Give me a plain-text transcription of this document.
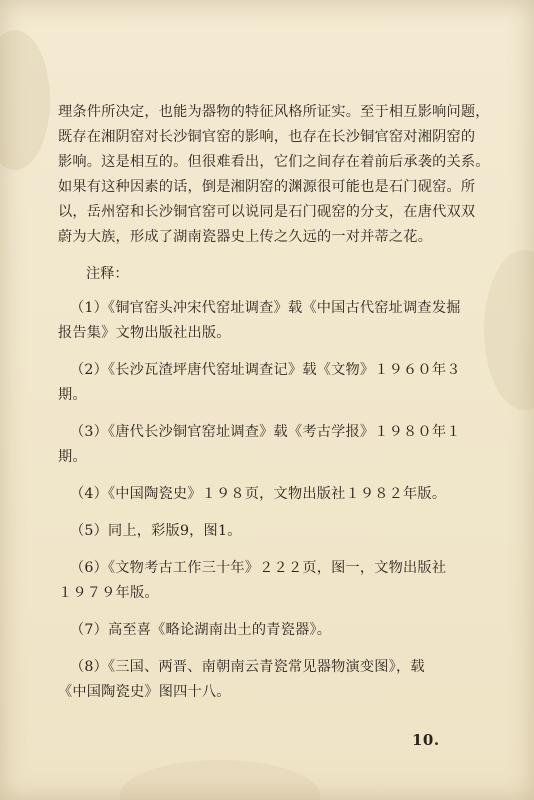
理条件所决定，也能为器物的特征风格所证实。至于相互影响问题，
既存在湘阴窑对长沙铜官窑的影响，也存在长沙铜官窑对湘阴窑的
影响。这是相互的。但很难看出，它们之间存在着前后承袭的关系。
如果有这种因素的话，倒是湘阴窑的渊源很可能也是石门砚窑。所
以，岳州窑和长沙铜官窑可以说同是石门砚窑的分支，在唐代双双
蔚为大族，形成了湖南瓷器史上传之久远的一对并蒂之花。
注释：
（1）《铜官窑头冲宋代窑址调查》载《中国古代窑址调查发掘
报告集》文物出版社出版。
（2）《长沙瓦渣坪唐代窑址调查记》载《文物》１９６０年３
期。
（3）《唐代长沙铜官窑址调查》载《考古学报》１９８０年１
期。
（4）《中国陶瓷史》１９８页，文物出版社１９８２年版。
（5）同上，彩版9，图1。
（6）《文物考古工作三十年》２２２页，图一，文物出版社
１９７９年版。
（7）高至喜《略论湖南出土的青瓷器》。
（8）《三国、两晋、南朝南云青瓷常见器物演变图》，载
《中国陶瓷史》图四十八。
10.
